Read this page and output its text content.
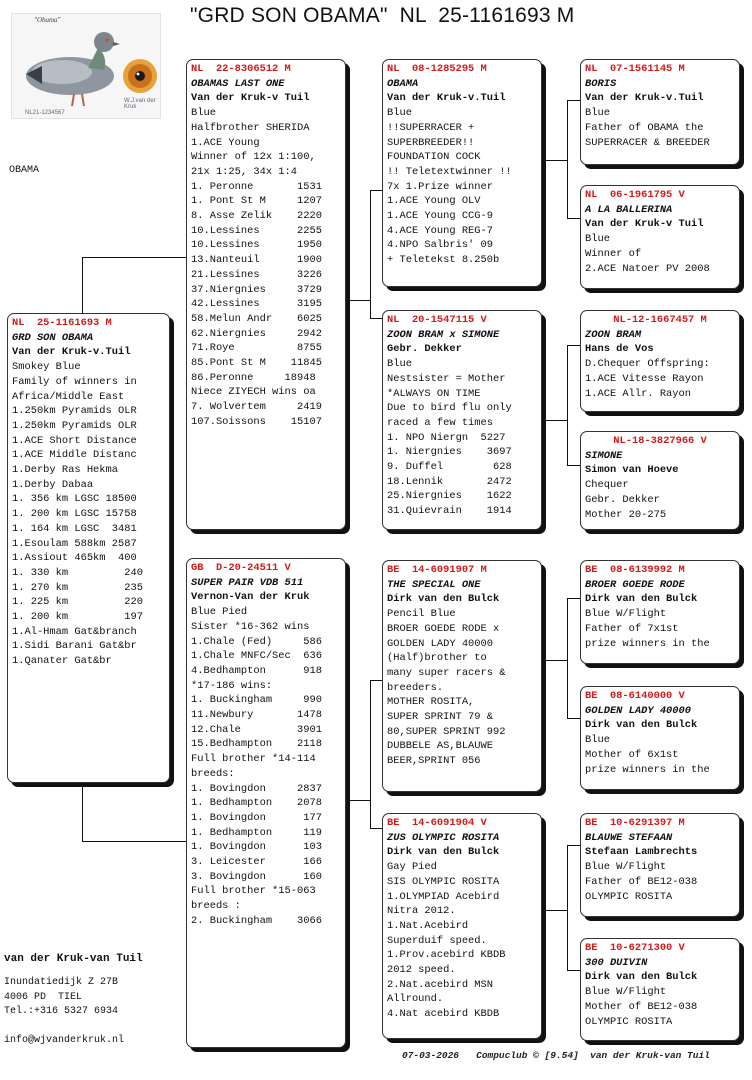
"GRD SON OBAMA"  NL  25-1161693 M
"Obama"
NL21-1234567
W.J.van der Kruk
OBAMA
NL  25-1161693 M
GRD SON OBAMA
Van der Kruk-v.Tuil
Smokey Blue
Family of winners in
Africa/Middle East
1.250km Pyramids OLR
1.250km Pyramids OLR
1.ACE Short Distance
1.ACE Middle Distanc
1.Derby Ras Hekma
1.Derby Dabaa
1. 356 km LGSC 18500
1. 200 km LGSC 15758
1. 164 km LGSC  3481
1.Esoulam 588km 2587
1.Assiout 465km  400
1. 330 km         240
1. 270 km         235
1. 225 km         220
1. 200 km         197
1.Al-Hmam Gat&branch
1.Sidi Barani Gat&br
1.Qanater Gat&br
NL  22-8306512 M
OBAMAS LAST ONE
Van der Kruk-v Tuil
Blue
Halfbrother SHERIDA
1.ACE Young
Winner of 12x 1:100,
21x 1:25, 34x 1:4
1. Peronne       1531
1. Pont St M     1207
8. Asse Zelik    2220
10.Lessines      2255
10.Lessines      1950
13.Nanteuil      1900
21.Lessines      3226
37.Niergnies     3729
42.Lessines      3195
58.Melun Andr    6025
62.Niergnies     2942
71.Roye          8755
85.Pont St M    11845
86.Peronne     18948
Niece ZIYECH wins oa
7. Wolvertem     2419
107.Soissons    15107
GB  D-20-24511 V
SUPER PAIR VDB 511
Vernon-Van der Kruk
Blue Pied
Sister *16-362 wins
1.Chale (Fed)     586
1.Chale MNFC/Sec  636
4.Bedhampton      918
*17-186 wins:
1. Buckingham     990
11.Newbury       1478
12.Chale         3901
15.Bedhampton    2118
Full brother *14-114
breeds:
1. Bovingdon     2837
1. Bedhampton    2078
1. Bovingdon      177
1. Bedhampton     119
1. Bovingdon      103
3. Leicester      166
3. Bovingdon      160
Full brother *15-063
breeds :
2. Buckingham    3066
NL  08-1285295 M
OBAMA
Van der Kruk-v.Tuil
Blue
!!SUPERRACER +
SUPERBREEDER!!
FOUNDATION COCK
!! Teletextwinner !!
7x 1.Prize winner
1.ACE Young OLV
1.ACE Young CCG-9
4.ACE Young REG-7
4.NPO Salbris' 09
+ Teletekst 8.250b
NL  20-1547115 V
ZOON BRAM x SIMONE
Gebr. Dekker
Blue
Nestsister = Mother
*ALWAYS ON TIME
Due to bird flu only
raced a few times
1. NPO Niergn  5227
1. Niergnies    3697
9. Duffel        628
18.Lennik       2472
25.Niergnies    1622
31.Quievrain    1914
BE  14-6091907 M
THE SPECIAL ONE
Dirk van den Bulck
Pencil Blue
BROER GOEDE RODE x
GOLDEN LADY 40000
(Half)brother to
many super racers &
breeders.
MOTHER ROSITA,
SUPER SPRINT 79 &
80,SUPER SPRINT 992
DUBBELE AS,BLAUWE
BEER,SPRINT 056
BE  14-6091904 V
ZUS OLYMPIC ROSITA
Dirk van den Bulck
Gay Pied
SIS OLYMPIC ROSITA
1.OLYMPIAD Acebird
Nitra 2012.
1.Nat.Acebird
Superduif speed.
1.Prov.acebird KBDB
2012 speed.
2.Nat.acebird MSN
Allround.
4.Nat acebird KBDB
NL  07-1561145 M
BORIS
Van der Kruk-v.Tuil
Blue
Father of OBAMA the
SUPERRACER & BREEDER
NL  06-1961795 V
A LA BALLERINA
Van der Kruk-v Tuil
Blue
Winner of
2.ACE Natoer PV 2008
NL-12-1667457 M
ZOON BRAM
Hans de Vos
D.Chequer Offspring:
1.ACE Vitesse Rayon
1.ACE Allr. Rayon
NL-18-3827966 V
SIMONE
Simon van Hoeve
Chequer
Gebr. Dekker
Mother 20-275
BE  08-6139992 M
BROER GOEDE RODE
Dirk van den Bulck
Blue W/Flight
Father of 7x1st
prize winners in the
BE  08-6140000 V
GOLDEN LADY 40000
Dirk van den Bulck
Blue
Mother of 6x1st
prize winners in the
BE  10-6291397 M
BLAUWE STEFAAN
Stefaan Lambrechts
Blue W/Flight
Father of BE12-038
OLYMPIC ROSITA
BE  10-6271300 V
300 DUIVIN
Dirk van den Bulck
Blue W/Flight
Mother of BE12-038
OLYMPIC ROSITA
van der Kruk-van Tuil
Inundatiedijk Z 27B
4006 PD  TIEL
Tel.:+316 5327 6934
info@wjvanderkruk.nl
07-03-2026   Compuclub © [9.54]  van der Kruk-van Tuil
